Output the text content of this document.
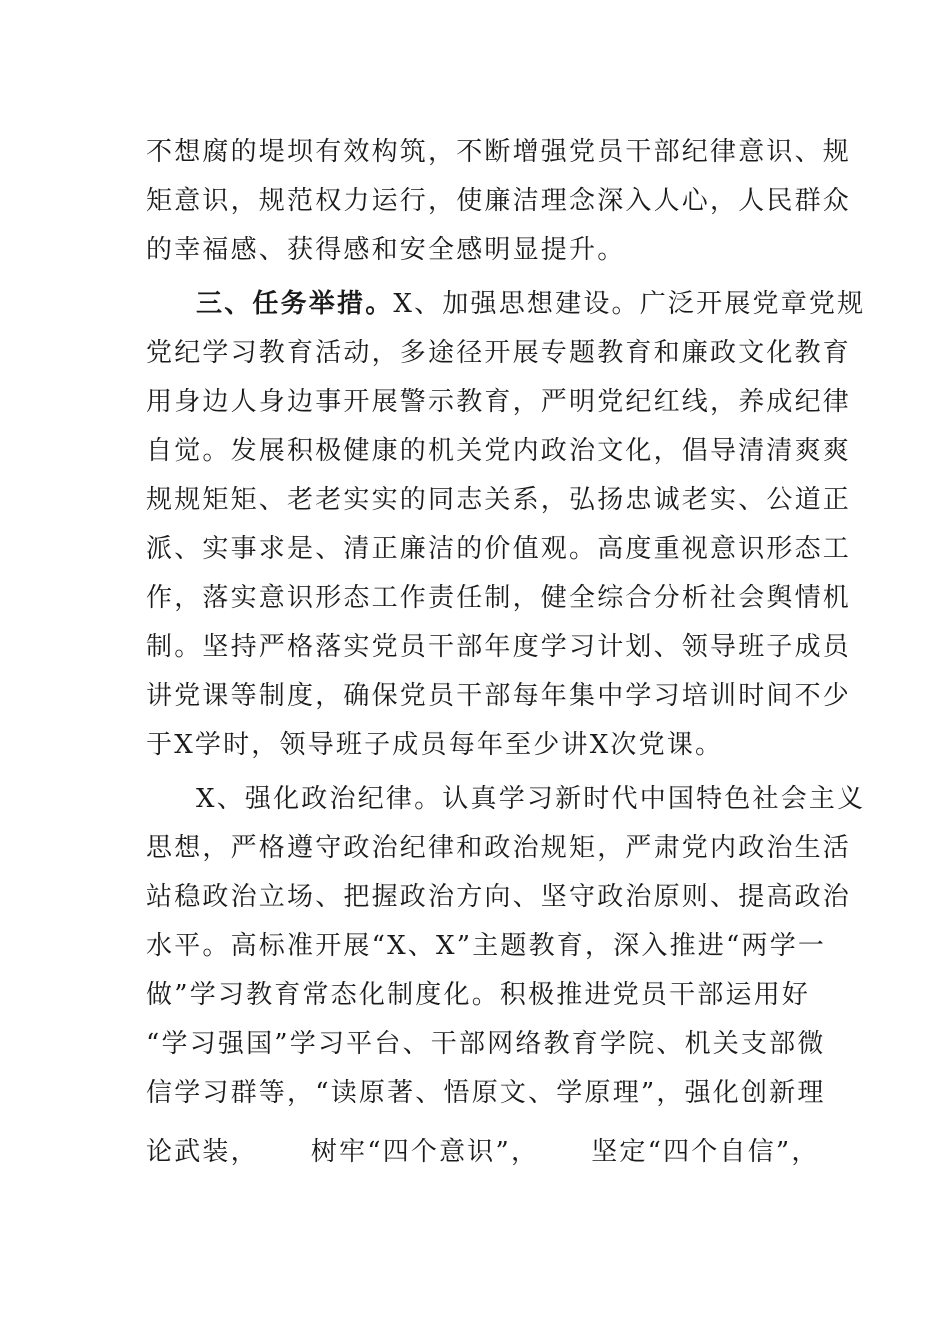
不想腐的堤坝有效构筑，不断增强党员干部纪律意识、规
矩意识，规范权力运行，使廉洁理念深入人心，人民群众
的幸福感、获得感和安全感明显提升。
三、任务举措。X、加强思想建设。广泛开展党章党规
党纪学习教育活动，多途径开展专题教育和廉政文化教育
用身边人身边事开展警示教育，严明党纪红线，养成纪律
自觉。发展积极健康的机关党内政治文化，倡导清清爽爽
规规矩矩、老老实实的同志关系，弘扬忠诚老实、公道正
派、实事求是、清正廉洁的价值观。高度重视意识形态工
作，落实意识形态工作责任制，健全综合分析社会舆情机
制。坚持严格落实党员干部年度学习计划、领导班子成员
讲党课等制度，确保党员干部每年集中学习培训时间不少
于X学时，领导班子成员每年至少讲X次党课。
X、强化政治纪律。认真学习新时代中国特色社会主义
思想，严格遵守政治纪律和政治规矩，严肃党内政治生活
站稳政治立场、把握政治方向、坚守政治原则、提高政治
水平。高标准开展“X、X”主题教育，深入推进“两学一
做”学习教育常态化制度化。积极推进党员干部运用好
“学习强国”学习平台、干部网络教育学院、机关支部微
信学习群等，“读原著、悟原文、学原理”，强化创新理
论武装， 树牢“四个意识”， 坚定“四个自信”，
